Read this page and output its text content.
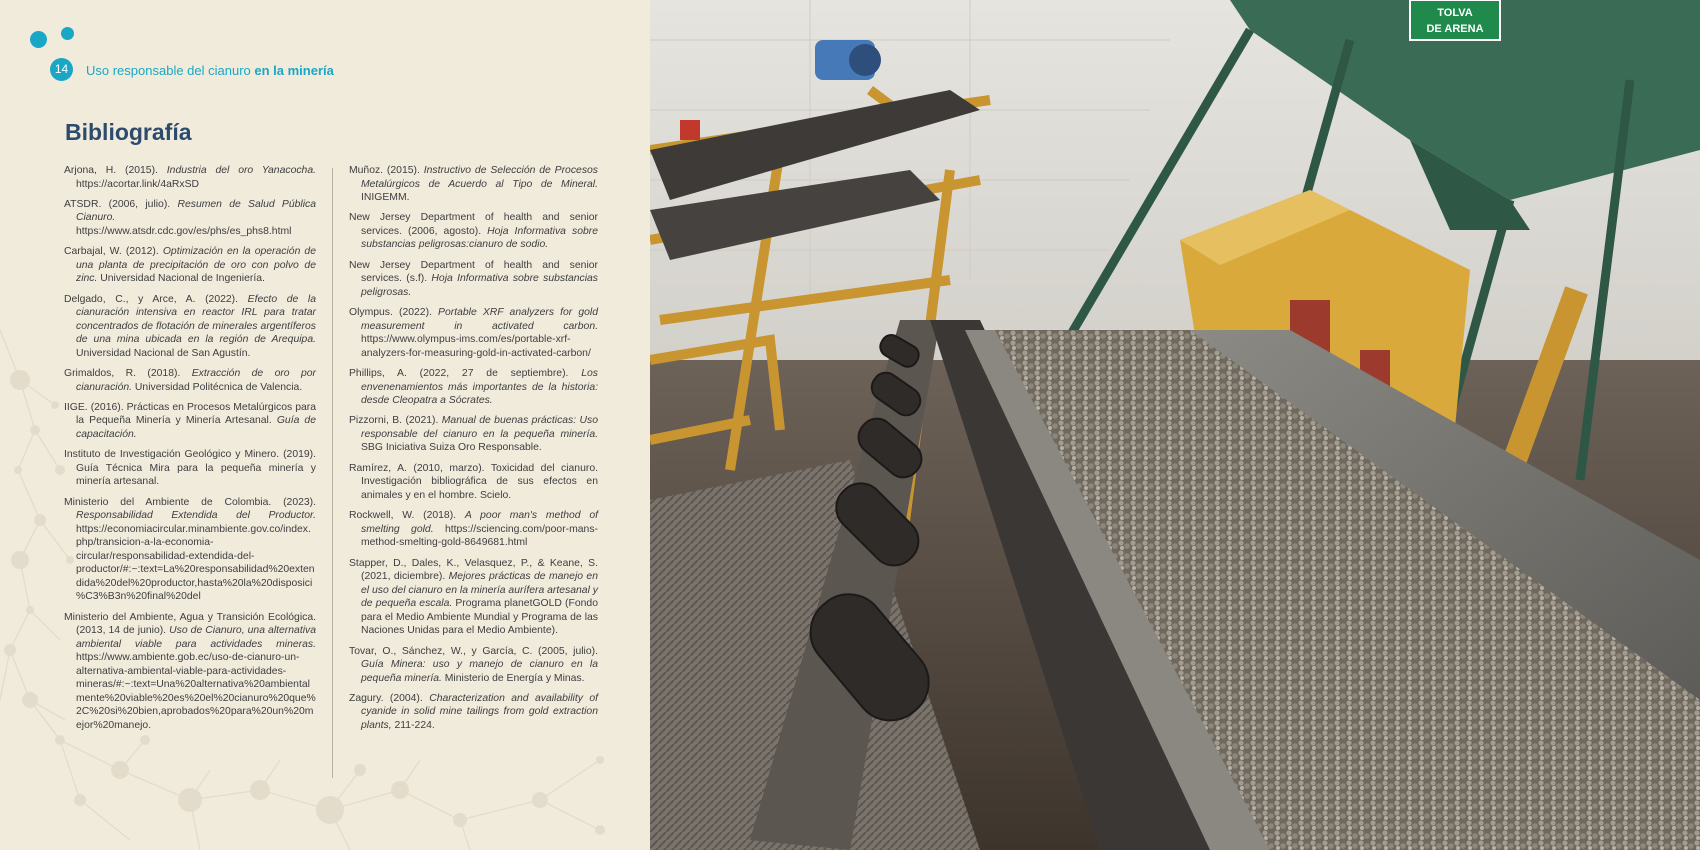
14	Uso responsable del cianuro en la minería
Bibliografía

Arjona, H. (2015). Industria del oro Yanacocha. https://acortar.link/4aRxSD

ATSDR. (2006, julio). Resumen de Salud Pública Cianuro. https://www.atsdr.cdc.gov/es/phs/es_phs8.html

Carbajal, W. (2012). Optimización en la operación de una planta de precipitación de oro con polvo de zinc. Universidad Nacional de Ingeniería.

Delgado, C., y Arce, A. (2022). Efecto de la cianuración intensiva en reactor IRL para tratar concentrados de flotación de minerales argentíferos de una mina ubicada en la región de Arequipa. Universidad Nacional de San Agustín.

Grimaldos, R. (2018). Extracción de oro por cianuración. Universidad Politécnica de Valencia.

IIGE. (2016). Prácticas en Procesos Metalúrgicos para la Pequeña Minería y Minería Artesanal. Guía de capacitación.

Instituto de Investigación Geológico y Minero. (2019). Guía Técnica Mira para la pequeña minería y minería artesanal.

Ministerio del Ambiente de Colombia. (2023). Responsabilidad Extendida del Productor. https://economiacircular.minambiente.gov.co/index.php/transicion-a-la-economia-circular/responsabilidad-extendida-del-productor/#:~:text=La%20responsabilidad%20extendida%20del%20productor,hasta%20la%20disposici%C3%B3n%20final%20del

Ministerio del Ambiente, Agua y Transición Ecológica. (2013, 14 de junio). Uso de Cianuro, una alternativa ambiental viable para actividades mineras. https://www.ambiente.gob.ec/uso-de-cianuro-un-alternativa-ambiental-viable-para-actividades-mineras/#:~:text=Una%20alternativa%20ambientalmente%20viable%20es%20el%20cianuro%20que%2C%20si%20bien,aprobados%20para%20un%20mejor%20manejo.

Muñoz. (2015). Instructivo de Selección de Procesos Metalúrgicos de Acuerdo al Tipo de Mineral. INIGEMM.

New Jersey Department of health and senior services. (2006, agosto). Hoja Informativa sobre substancias peligrosas:cianuro de sodio.

New Jersey Department of health and senior services. (s.f). Hoja Informativa sobre substancias peligrosas.

Olympus. (2022). Portable XRF analyzers for gold measurement in activated carbon. https://www.olympus-ims.com/es/portable-xrf-analyzers-for-measuring-gold-in-activated-carbon/

Phillips, A. (2022, 27 de septiembre). Los envenenamientos más importantes de la historia: desde Cleopatra a Sócrates.

Pizzorni, B. (2021). Manual de buenas prácticas: Uso responsable del cianuro en la pequeña minería. SBG Iniciativa Suiza Oro Responsable.

Ramírez, A. (2010, marzo). Toxicidad del cianuro. Investigación bibliográfica de sus efectos en animales y en el hombre. Scielo.

Rockwell, W. (2018). A poor man's method of smelting gold. https://sciencing.com/poor-mans-method-smelting-gold-8649681.html

Stapper, D., Dales, K., Velasquez, P., & Keane, S. (2021, diciembre). Mejores prácticas de manejo en el uso del cianuro en la minería aurífera artesanal y de pequeña escala. Programa planetGOLD (Fondo para el Medio Ambiente Mundial y Programa de las Naciones Unidas para el Medio Ambiente).

Tovar, O., Sánchez, W., y García, C. (2005, julio). Guía Minera: uso y manejo de cianuro en la pequeña minería. Ministerio de Energía y Minas.

Zagury. (2004). Characterization and availability of cyanide in solid mine tailings from gold extraction plants, 211-224.

TOLVA
DE ARENA
